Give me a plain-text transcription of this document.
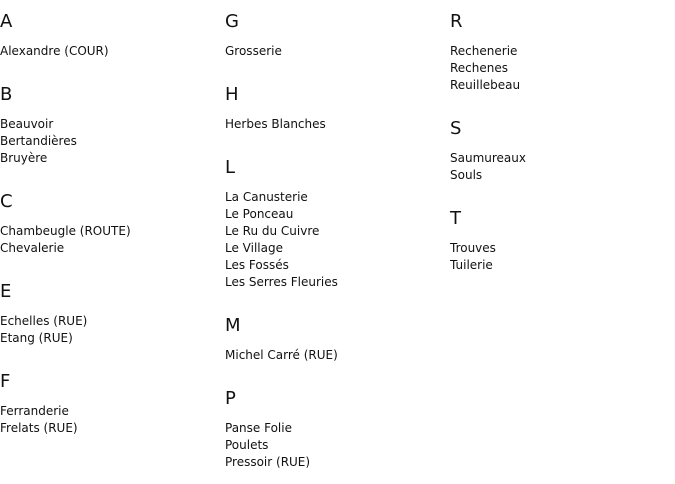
A
Alexandre (COUR)
B
Beauvoir
Bertandières
Bruyère
C
Chambeugle (ROUTE)
Chevalerie
E
Echelles (RUE)
Etang (RUE)
F
Ferranderie
Frelats (RUE)
G
Grosserie
H
Herbes Blanches
L
La Canusterie
Le Ponceau
Le Ru du Cuivre
Le Village
Les Fossés
Les Serres Fleuries
M
Michel Carré (RUE)
P
Panse Folie
Poulets
Pressoir (RUE)
R
Rechenerie
Rechenes
Reuillebeau
S
Saumureaux
Souls
T
Trouves
Tuilerie
